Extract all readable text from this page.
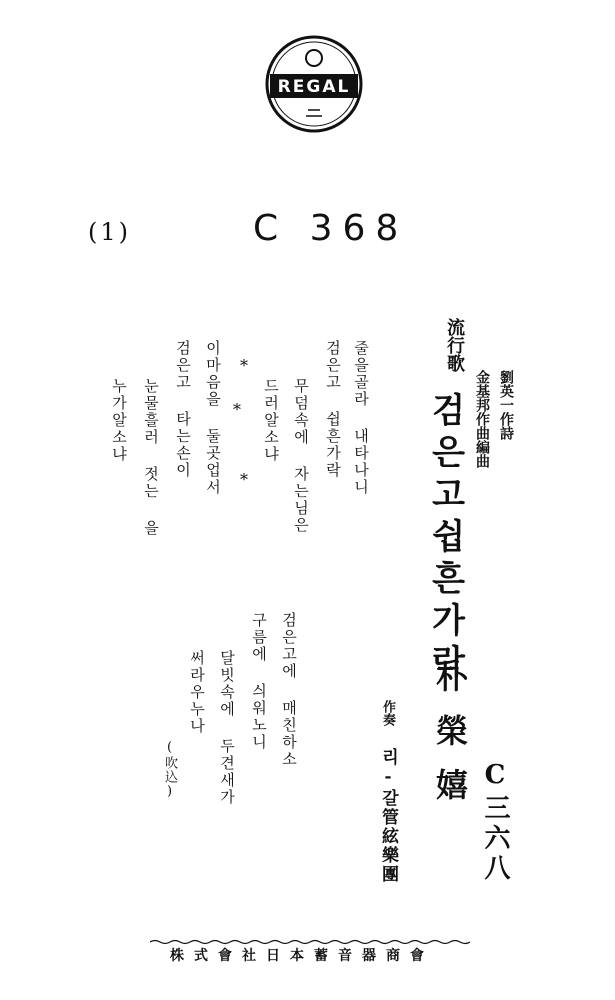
REGAL
(1)	C 368
流行歌
劉英一作詩
金基邦作曲編曲
검은고쉽흔가락
朴榮嬉
作奏
리-갈管絃樂團	C三六八
줄을골라 내타나니
검은고 쉽흔가락
무덤속에 자는님은
드러알소냐
*
*
*
이마음을 둘곳업서
검은고 타는손이
눈물흘러 젓는 을
누가알소냐
검은고에 매친하소
구름에 싀워노니
달빗속에 두견새가
써라우누나
(吹込)
株式會社日本蓄音器商會
